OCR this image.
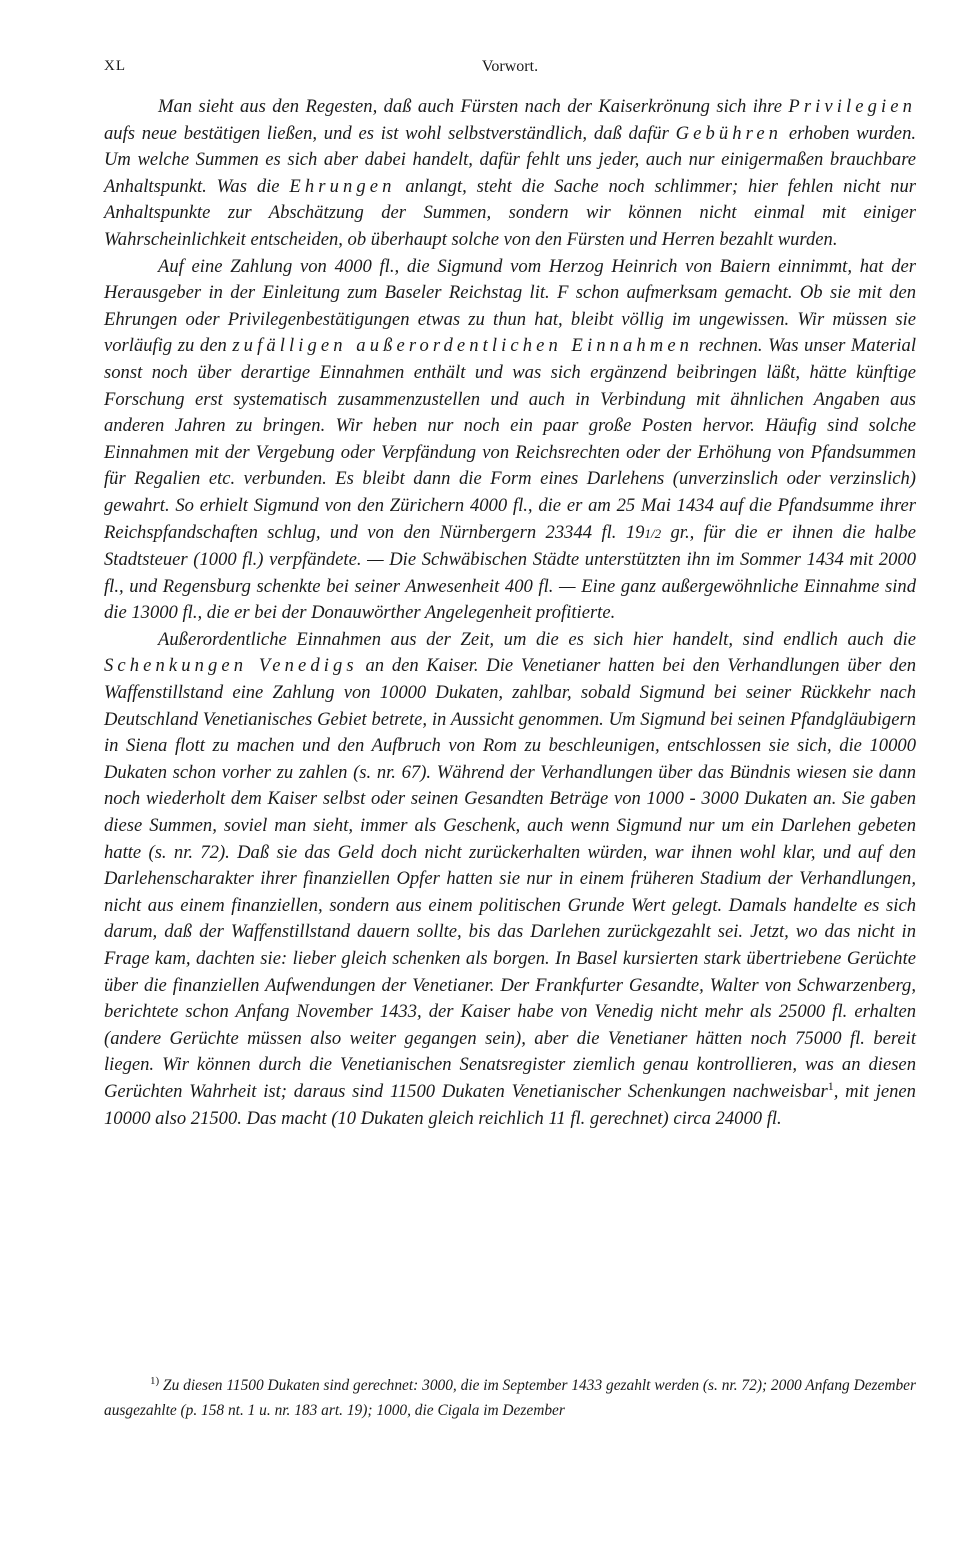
XL	Vorwort.

Man sieht aus den Regesten, daß auch Fürsten nach der Kaiserkrönung sich ihre Privilegien aufs neue bestätigen ließen, und es ist wohl selbstverständlich, daß dafür Gebühren erhoben wurden. Um welche Summen es sich aber dabei handelt, dafür fehlt uns jeder, auch nur einigermaßen brauchbare Anhaltspunkt. Was die Ehrungen anlangt, steht die Sache noch schlimmer; hier fehlen nicht nur Anhaltspunkte zur Abschätzung der Summen, sondern wir können nicht einmal mit einiger Wahrscheinlichkeit entscheiden, ob überhaupt solche von den Fürsten und Herren bezahlt wurden.

Auf eine Zahlung von 4000 fl., die Sigmund vom Herzog Heinrich von Baiern einnimmt, hat der Herausgeber in der Einleitung zum Baseler Reichstag lit. F schon aufmerksam gemacht. Ob sie mit den Ehrungen oder Privilegenbestätigungen etwas zu thun hat, bleibt völlig im ungewissen. Wir müssen sie vorläufig zu den zufälligen außerordentlichen Einnahmen rechnen. Was unser Material sonst noch über derartige Einnahmen enthält und was sich ergänzend beibringen läßt, hätte künftige Forschung erst systematisch zusammenzustellen und auch in Verbindung mit ähnlichen Angaben aus anderen Jahren zu bringen. Wir heben nur noch ein paar große Posten hervor. Häufig sind solche Einnahmen mit der Vergebung oder Verpfändung von Reichsrechten oder der Erhöhung von Pfandsummen für Regalien etc. verbunden. Es bleibt dann die Form eines Darlehens (unverzinslich oder verzinslich) gewahrt. So erhielt Sigmund von den Zürichern 4000 fl., die er am 25 Mai 1434 auf die Pfandsumme ihrer Reichspfandschaften schlug, und von den Nürnbergern 23344 fl. 191/2 gr., für die er ihnen die halbe Stadtsteuer (1000 fl.) verpfändete. — Die Schwäbischen Städte unterstützten ihn im Sommer 1434 mit 2000 fl., und Regensburg schenkte bei seiner Anwesenheit 400 fl. — Eine ganz außergewöhnliche Einnahme sind die 13000 fl., die er bei der Donauwörther Angelegenheit profitierte.

Außerordentliche Einnahmen aus der Zeit, um die es sich hier handelt, sind endlich auch die Schenkungen Venedigs an den Kaiser. Die Venetianer hatten bei den Verhandlungen über den Waffenstillstand eine Zahlung von 10000 Dukaten, zahlbar, sobald Sigmund bei seiner Rückkehr nach Deutschland Venetianisches Gebiet betrete, in Aussicht genommen. Um Sigmund bei seinen Pfandgläubigern in Siena flott zu machen und den Aufbruch von Rom zu beschleunigen, entschlossen sie sich, die 10000 Dukaten schon vorher zu zahlen (s. nr. 67). Während der Verhandlungen über das Bündnis wiesen sie dann noch wiederholt dem Kaiser selbst oder seinen Gesandten Beträge von 1000 - 3000 Dukaten an. Sie gaben diese Summen, soviel man sieht, immer als Geschenk, auch wenn Sigmund nur um ein Darlehen gebeten hatte (s. nr. 72). Daß sie das Geld doch nicht zurückerhalten würden, war ihnen wohl klar, und auf den Darlehenscharakter ihrer finanziellen Opfer hatten sie nur in einem früheren Stadium der Verhandlungen, nicht aus einem finanziellen, sondern aus einem politischen Grunde Wert gelegt. Damals handelte es sich darum, daß der Waffenstillstand dauern sollte, bis das Darlehen zurückgezahlt sei. Jetzt, wo das nicht in Frage kam, dachten sie: lieber gleich schenken als borgen. In Basel kursierten stark übertriebene Gerüchte über die finanziellen Aufwendungen der Venetianer. Der Frankfurter Gesandte, Walter von Schwarzenberg, berichtete schon Anfang November 1433, der Kaiser habe von Venedig nicht mehr als 25000 fl. erhalten (andere Gerüchte müssen also weiter gegangen sein), aber die Venetianer hätten noch 75000 fl. bereit liegen. Wir können durch die Venetianischen Senatsregister ziemlich genau kontrollieren, was an diesen Gerüchten Wahrheit ist; daraus sind 11500 Dukaten Venetianischer Schenkungen nachweisbar$^1$, mit jenen 10000 also 21500. Das macht (10 Dukaten gleich reichlich 11 fl. gerechnet) circa 24000 fl.

$^{1)}$ Zu diesen 11500 Dukaten sind gerechnet: 3000, die im September 1433 gezahlt werden (s. nr. 72); 2000 Anfang Dezember ausgezahlte (p. 158 nt. 1 u. nr. 183 art. 19); 1000, die Cigala im Dezember
